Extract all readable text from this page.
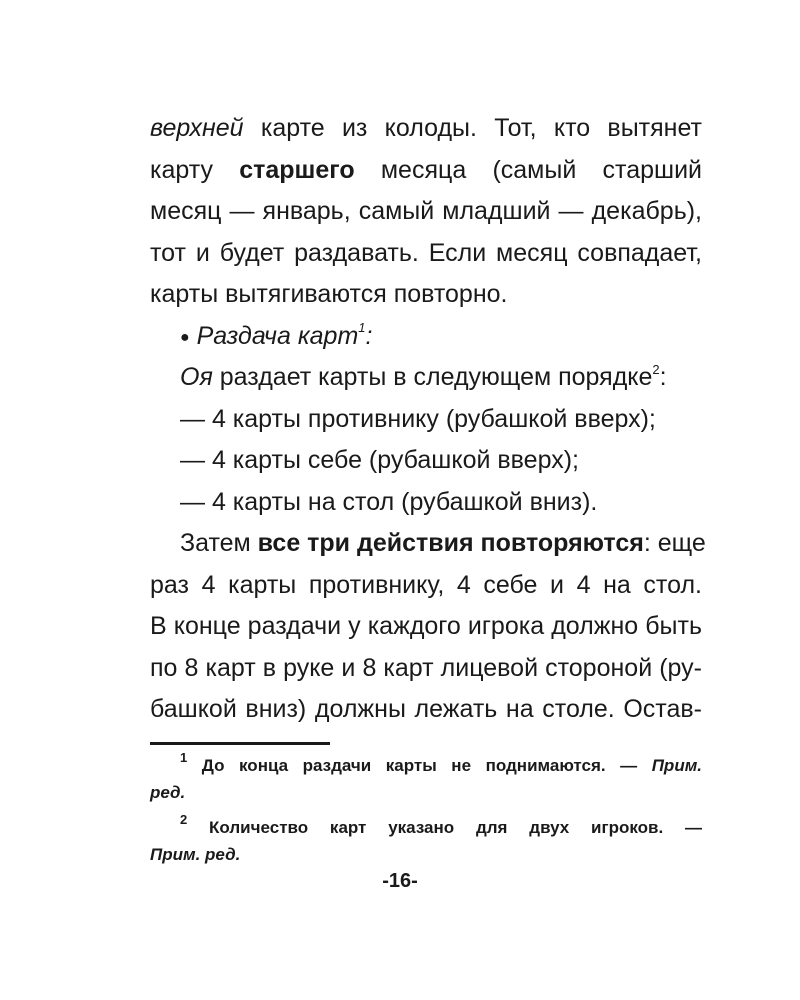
верхней карте из колоды. Тот, кто вытянет
карту старшего месяца (самый старший
месяц — январь, самый младший — декабрь),
тот и будет раздавать. Если месяц совпадает,
карты вытягиваются повторно.
● Раздача карт$^1$:
Оя раздает карты в следующем порядке$^2$:
— 4 карты противнику (рубашкой вверх);
— 4 карты себе (рубашкой вверх);
— 4 карты на стол (рубашкой вниз).
Затем все три действия повторяются: еще
раз 4 карты противнику, 4 себе и 4 на стол.
В конце раздачи у каждого игрока должно быть
по 8 карт в руке и 8 карт лицевой стороной (ру-
башкой вниз) должны лежать на столе. Остав-
$^1$ До конца раздачи карты не поднимаются. — Прим.
ред.
$^2$ Количество карт указано для двух игроков. —
Прим. ред.
-16-
